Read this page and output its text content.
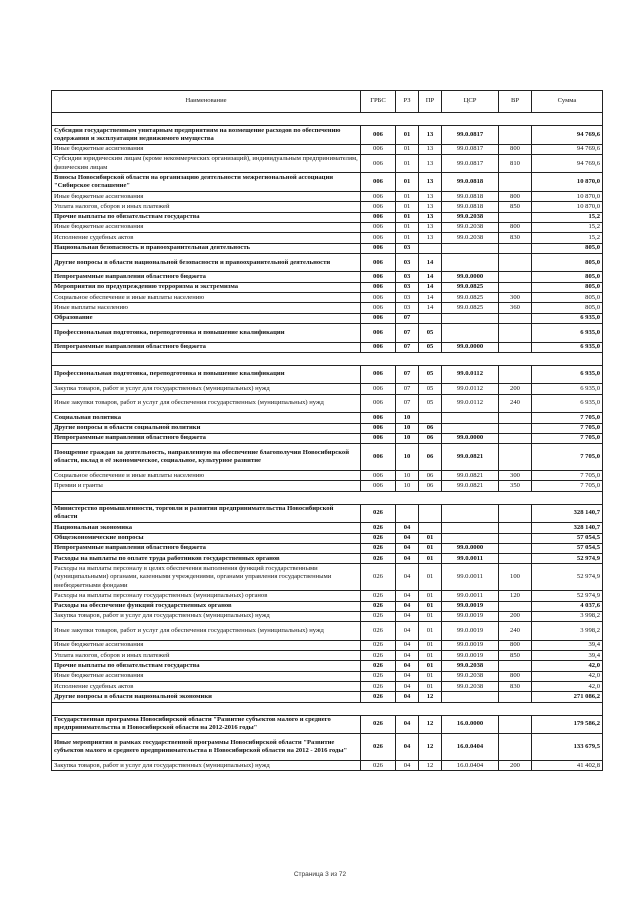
Наименование	ГРБС	РЗ	ПР	ЦСР	ВР	Сумма

Субсидии государственным унитарным предприятиям на возмещение расходов по обеспечению содержания и эксплуатации недвижимого имущества	006	01	13	99.0.0817		94 769,6
Иные бюджетные ассигнования	006	01	13	99.0.0817	800	94 769,6
Субсидии юридическим лицам (кроме некоммерческих организаций), индивидуальным предпринимателям, физическим лицам	006	01	13	99.0.0817	810	94 769,6
Взносы Новосибирской области на организацию деятельности межрегиональной ассоциации "Сибирское соглашение"	006	01	13	99.0.0818		10 870,0
Иные бюджетные ассигнования	006	01	13	99.0.0818	800	10 870,0
Уплата налогов, сборов и иных платежей	006	01	13	99.0.0818	850	10 870,0
Прочие выплаты по обязательствам государства	006	01	13	99.0.2038		15,2
Иные бюджетные ассигнования	006	01	13	99.0.2038	800	15,2
Исполнение судебных актов	006	01	13	99.0.2038	830	15,2
Национальная безопасность и правоохранительная деятельность	006	03				805,0
Другие вопросы в области национальной безопасности и правоохранительной деятельности	006	03	14			805,0
Непрограммные направления областного бюджета	006	03	14	99.0.0000		805,0
Мероприятия по предупреждению терроризма и экстремизма	006	03	14	99.0.0825		805,0
Социальное обеспечение и иные выплаты населению	006	03	14	99.0.0825	300	805,0
Иные выплаты населению	006	03	14	99.0.0825	360	805,0
Образование	006	07				6 935,0
Профессиональная подготовка, переподготовка и повышение квалификации	006	07	05			6 935,0
Непрограммные направления областного бюджета	006	07	05	99.0.0000		6 935,0

Профессиональная подготовка, переподготовка и повышение квалификации	006	07	05	99.0.0112		6 935,0
Закупка товаров, работ и услуг для государственных (муниципальных) нужд	006	07	05	99.0.0112	200	6 935,0
Иные закупки товаров, работ и услуг для обеспечения государственных (муниципальных) нужд	006	07	05	99.0.0112	240	6 935,0
Социальная политика	006	10				7 705,0
Другие вопросы в области социальной политики	006	10	06			7 705,0
Непрограммные направления областного бюджета	006	10	06	99.0.0000		7 705,0
Поощрение граждан за деятельность, направленную на обеспечение благополучия Новосибирской области, вклад в её экономическое, социальное, культурное развитие	006	10	06	99.0.0821		7 705,0
Социальное обеспечение и иные выплаты населению	006	10	06	99.0.0821	300	7 705,0
Премии и гранты	006	10	06	99.0.0821	350	7 705,0

Министерство промышленности, торговли и развития предпринимательства Новосибирской области	026					328 140,7
Национальная экономика	026	04				328 140,7
Общеэкономические вопросы	026	04	01			57 054,5
Непрограммные направления областного бюджета	026	04	01	99.0.0000		57 054,5
Расходы на выплаты по оплате труда работников государственных органов	026	04	01	99.0.0011		52 974,9
Расходы на выплаты персоналу в целях обеспечения выполнения функций государственными (муниципальными) органами, казенными учреждениями, органами управления государственными внебюджетными фондами	026	04	01	99.0.0011	100	52 974,9
Расходы на выплаты персоналу государственных (муниципальных) органов	026	04	01	99.0.0011	120	52 974,9
Расходы на обеспечение функций государственных органов	026	04	01	99.0.0019		4 037,6
Закупка товаров, работ и услуг для государственных (муниципальных) нужд	026	04	01	99.0.0019	200	3 998,2
Иные закупки товаров, работ и услуг для обеспечения государственных (муниципальных) нужд	026	04	01	99.0.0019	240	3 998,2
Иные бюджетные ассигнования	026	04	01	99.0.0019	800	39,4
Уплата налогов, сборов и иных платежей	026	04	01	99.0.0019	850	39,4
Прочие выплаты по обязательствам государства	026	04	01	99.0.2038		42,0
Иные бюджетные ассигнования	026	04	01	99.0.2038	800	42,0
Исполнение судебных актов	026	04	01	99.0.2038	830	42,0
Другие вопросы в области национальной экономики	026	04	12			271 086,2

Государственная программа Новосибирской области "Развитие субъектов малого и среднего предпринимательства в Новосибирской области на 2012-2016 годы"	026	04	12	16.0.0000		179 586,2
Иные мероприятия в рамках государственной программы Новосибирской области "Развитие субъектов малого и среднего предпринимательства в Новосибирской области на 2012 - 2016 годы"	026	04	12	16.0.0404		133 679,5
Закупка товаров, работ и услуг для государственных (муниципальных) нужд	026	04	12	16.0.0404	200	41 402,8
Страница 3 из 72
